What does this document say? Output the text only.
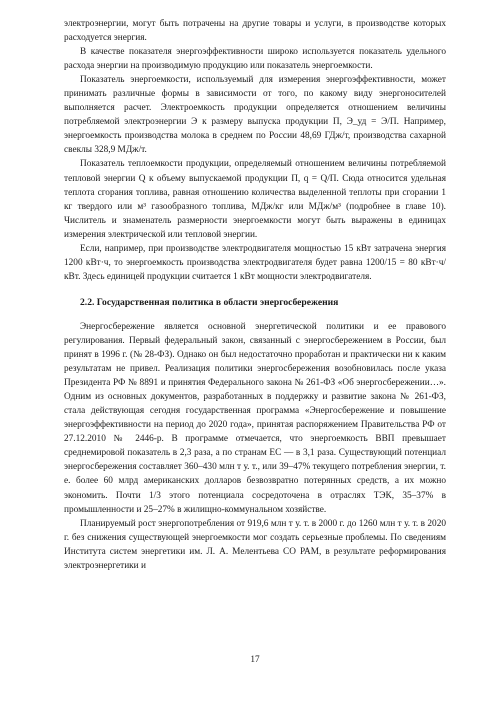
электроэнергии, могут быть потрачены на другие товары и услуги, в производстве которых расходуется энергия.

В качестве показателя энергоэффективности широко используется показатель удельного расхода энергии на производимую продукцию или показатель энергоемкости.

Показатель энергоемкости, используемый для измерения энергоэффективности, может принимать различные формы в зависимости от того, по какому виду энергоносителей выполняется расчет. Электроемкость продукции определяется отношением величины потребляемой электроэнергии Э к размеру выпуска продукции П, Э_уд = Э/П. Например, энергоемкость производства молока в среднем по России 48,69 ГДж/т, производства сахарной свеклы 328,9 МДж/т.

Показатель теплоемкости продукции, определяемый отношением величины потребляемой тепловой энергии Q к объему выпускаемой продукции П, q = Q/П. Сюда относится удельная теплота сгорания топлива, равная отношению количества выделенной теплоты при сгорании 1 кг твердого или м³ газообразного топлива, МДж/кг или МДж/м³ (подробнее в главе 10). Числитель и знаменатель размерности энергоемкости могут быть выражены в единицах измерения электрической или тепловой энергии.

Если, например, при производстве электродвигателя мощностью 15 кВт затрачена энергия 1200 кВт·ч, то энергоемкость производства электродвигателя будет равна 1200/15 = 80 кВт·ч/кВт. Здесь единицей продукции считается 1 кВт мощности электродвигателя.

2.2. Государственная политика в области энергосбережения

Энергосбережение является основной энергетической политики и ее правового регулирования. Первый федеральный закон, связанный с энергосбережением в России, был принят в 1996 г. (№ 28-ФЗ). Однако он был недостаточно проработан и практически ни к каким результатам не привел. Реализация политики энергосбережения возобновилась после указа Президента РФ № 8891 и принятия Федерального закона № 261-ФЗ «Об энергосбережении…». Одним из основных документов, разработанных в поддержку и развитие закона № 261-ФЗ, стала действующая сегодня государственная программа «Энергосбережение и повышение энергоэффективности на период до 2020 года», принятая распоряжением Правительства РФ от 27.12.2010 № 2446-р. В программе отмечается, что энергоемкость ВВП превышает среднемировой показатель в 2,3 раза, а по странам ЕС — в 3,1 раза. Существующий потенциал энергосбережения составляет 360–430 млн т у. т., или 39–47% текущего потребления энергии, т. е. более 60 млрд американских долларов безвозвратно потерянных средств, а их можно экономить. Почти 1/3 этого потенциала сосредоточена в отраслях ТЭК, 35–37% в промышленности и 25–27% в жилищно-коммунальном хозяйстве.

Планируемый рост энергопотребления от 919,6 млн т у. т. в 2000 г. до 1260 млн т у. т. в 2020 г. без снижения существующей энергоемкости мог создать серьезные проблемы. По сведениям Института систем энергетики им. Л. А. Мелентьева СО РАМ, в результате реформирования электроэнергетики и

17
